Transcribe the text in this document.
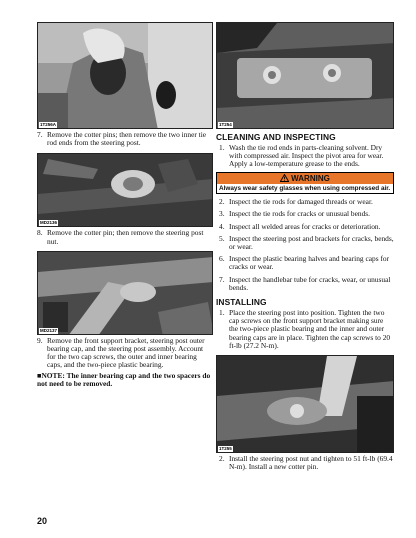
1T256A
7. Remove the cotter pins; then remove the two inner tie rod ends from the steering post.
MD2136
8. Remove the cotter pin; then remove the steering post nut.
MD2137
9. Remove the front support bracket, steering post outer bearing cap, and the steering post assembly. Account for the two cap screws, the outer and inner bearing caps, and the two-piece plastic bearing.
■NOTE: The inner bearing cap and the two spacers do not need to be removed.
1T254
CLEANING AND INSPECTING
1. Wash the tie rod ends in parts-cleaning solvent. Dry with compressed air. Inspect the pivot area for wear. Apply a low-temperature grease to the ends.
WARNING
Always wear safety glasses when using compressed air.
2. Inspect the tie rods for damaged threads or wear.
3. Inspect the tie rods for cracks or unusual bends.
4. Inspect all welded areas for cracks or deterioration.
5. Inspect the steering post and brackets for cracks, bends, or wear.
6. Inspect the plastic bearing halves and bearing caps for cracks or wear.
7. Inspect the handlebar tube for cracks, wear, or unusual bends.
INSTALLING
1. Place the steering post into position. Tighten the two cap screws on the front support bracket making sure the two-piece plastic bearing and the inner and outer bearing caps are in place. Tighten the cap screws to 20 ft-lb (27.2 N-m).
1T255
2. Install the steering post nut and tighten to 51 ft-lb (69.4 N-m). Install a new cotter pin.
20
